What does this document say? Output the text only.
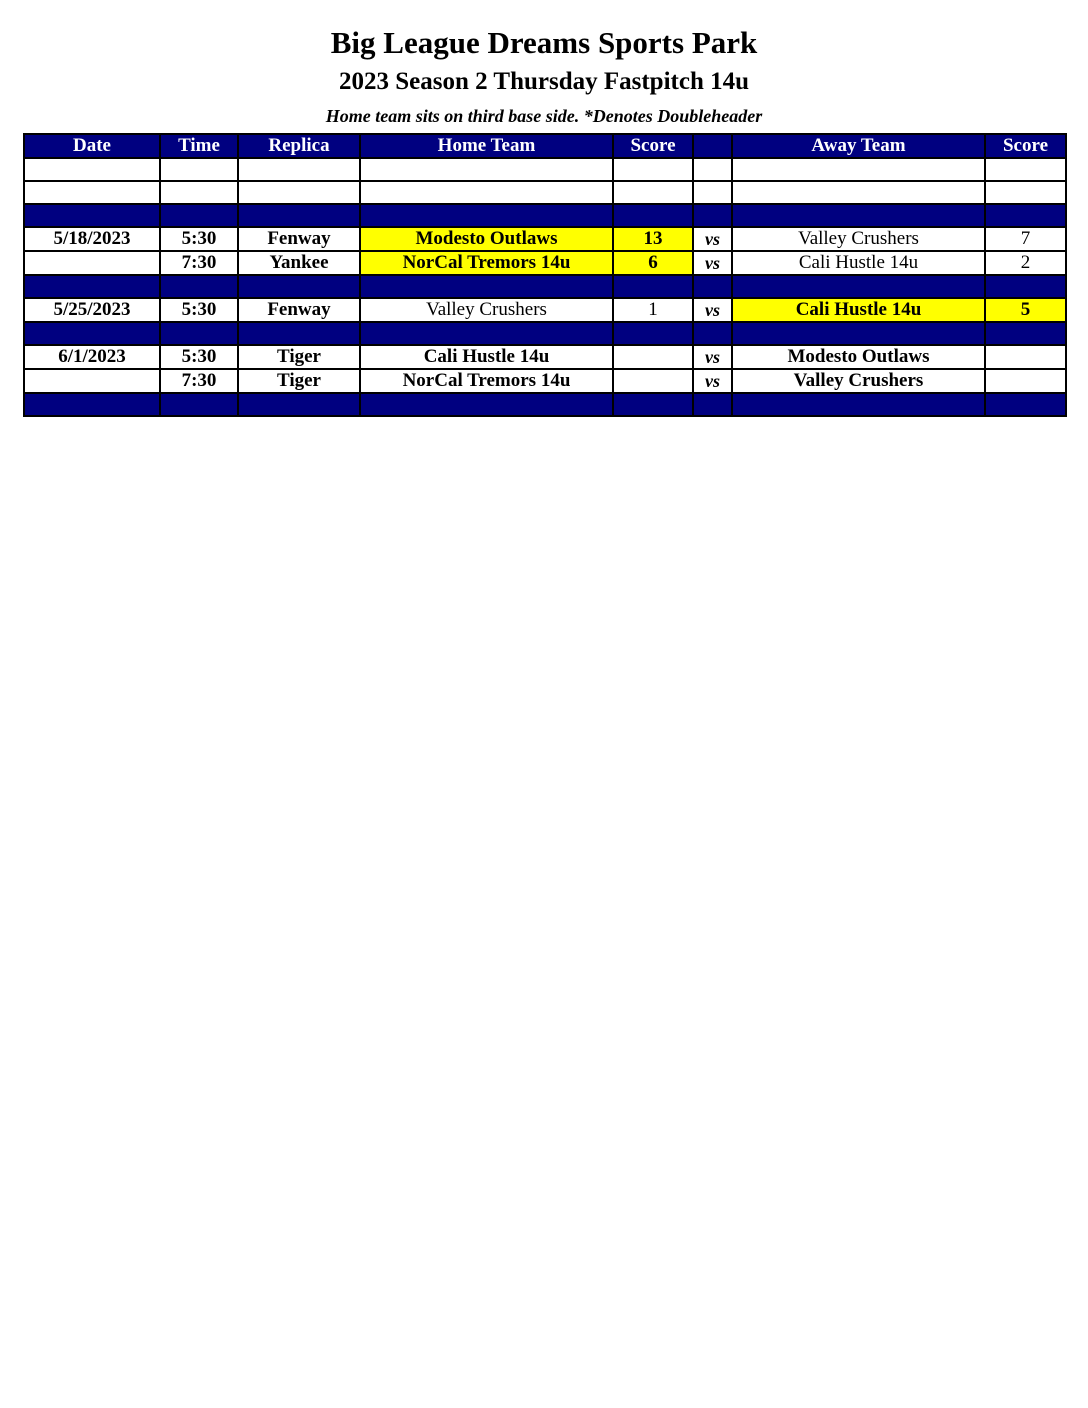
Big League Dreams Sports Park
2023 Season 2 Thursday Fastpitch 14u
Home team sits on third base side. *Denotes Doubleheader
Date	Time	Replica	Home Team	Score		Away Team	Score

5/18/2023	5:30	Fenway	Modesto Outlaws	13	vs	Valley Crushers	7
	7:30	Yankee	NorCal Tremors 14u	6	vs	Cali Hustle 14u	2

5/25/2023	5:30	Fenway	Valley Crushers	1	vs	Cali Hustle 14u	5

6/1/2023	5:30	Tiger	Cali Hustle 14u		vs	Modesto Outlaws	
	7:30	Tiger	NorCal Tremors 14u		vs	Valley Crushers	
